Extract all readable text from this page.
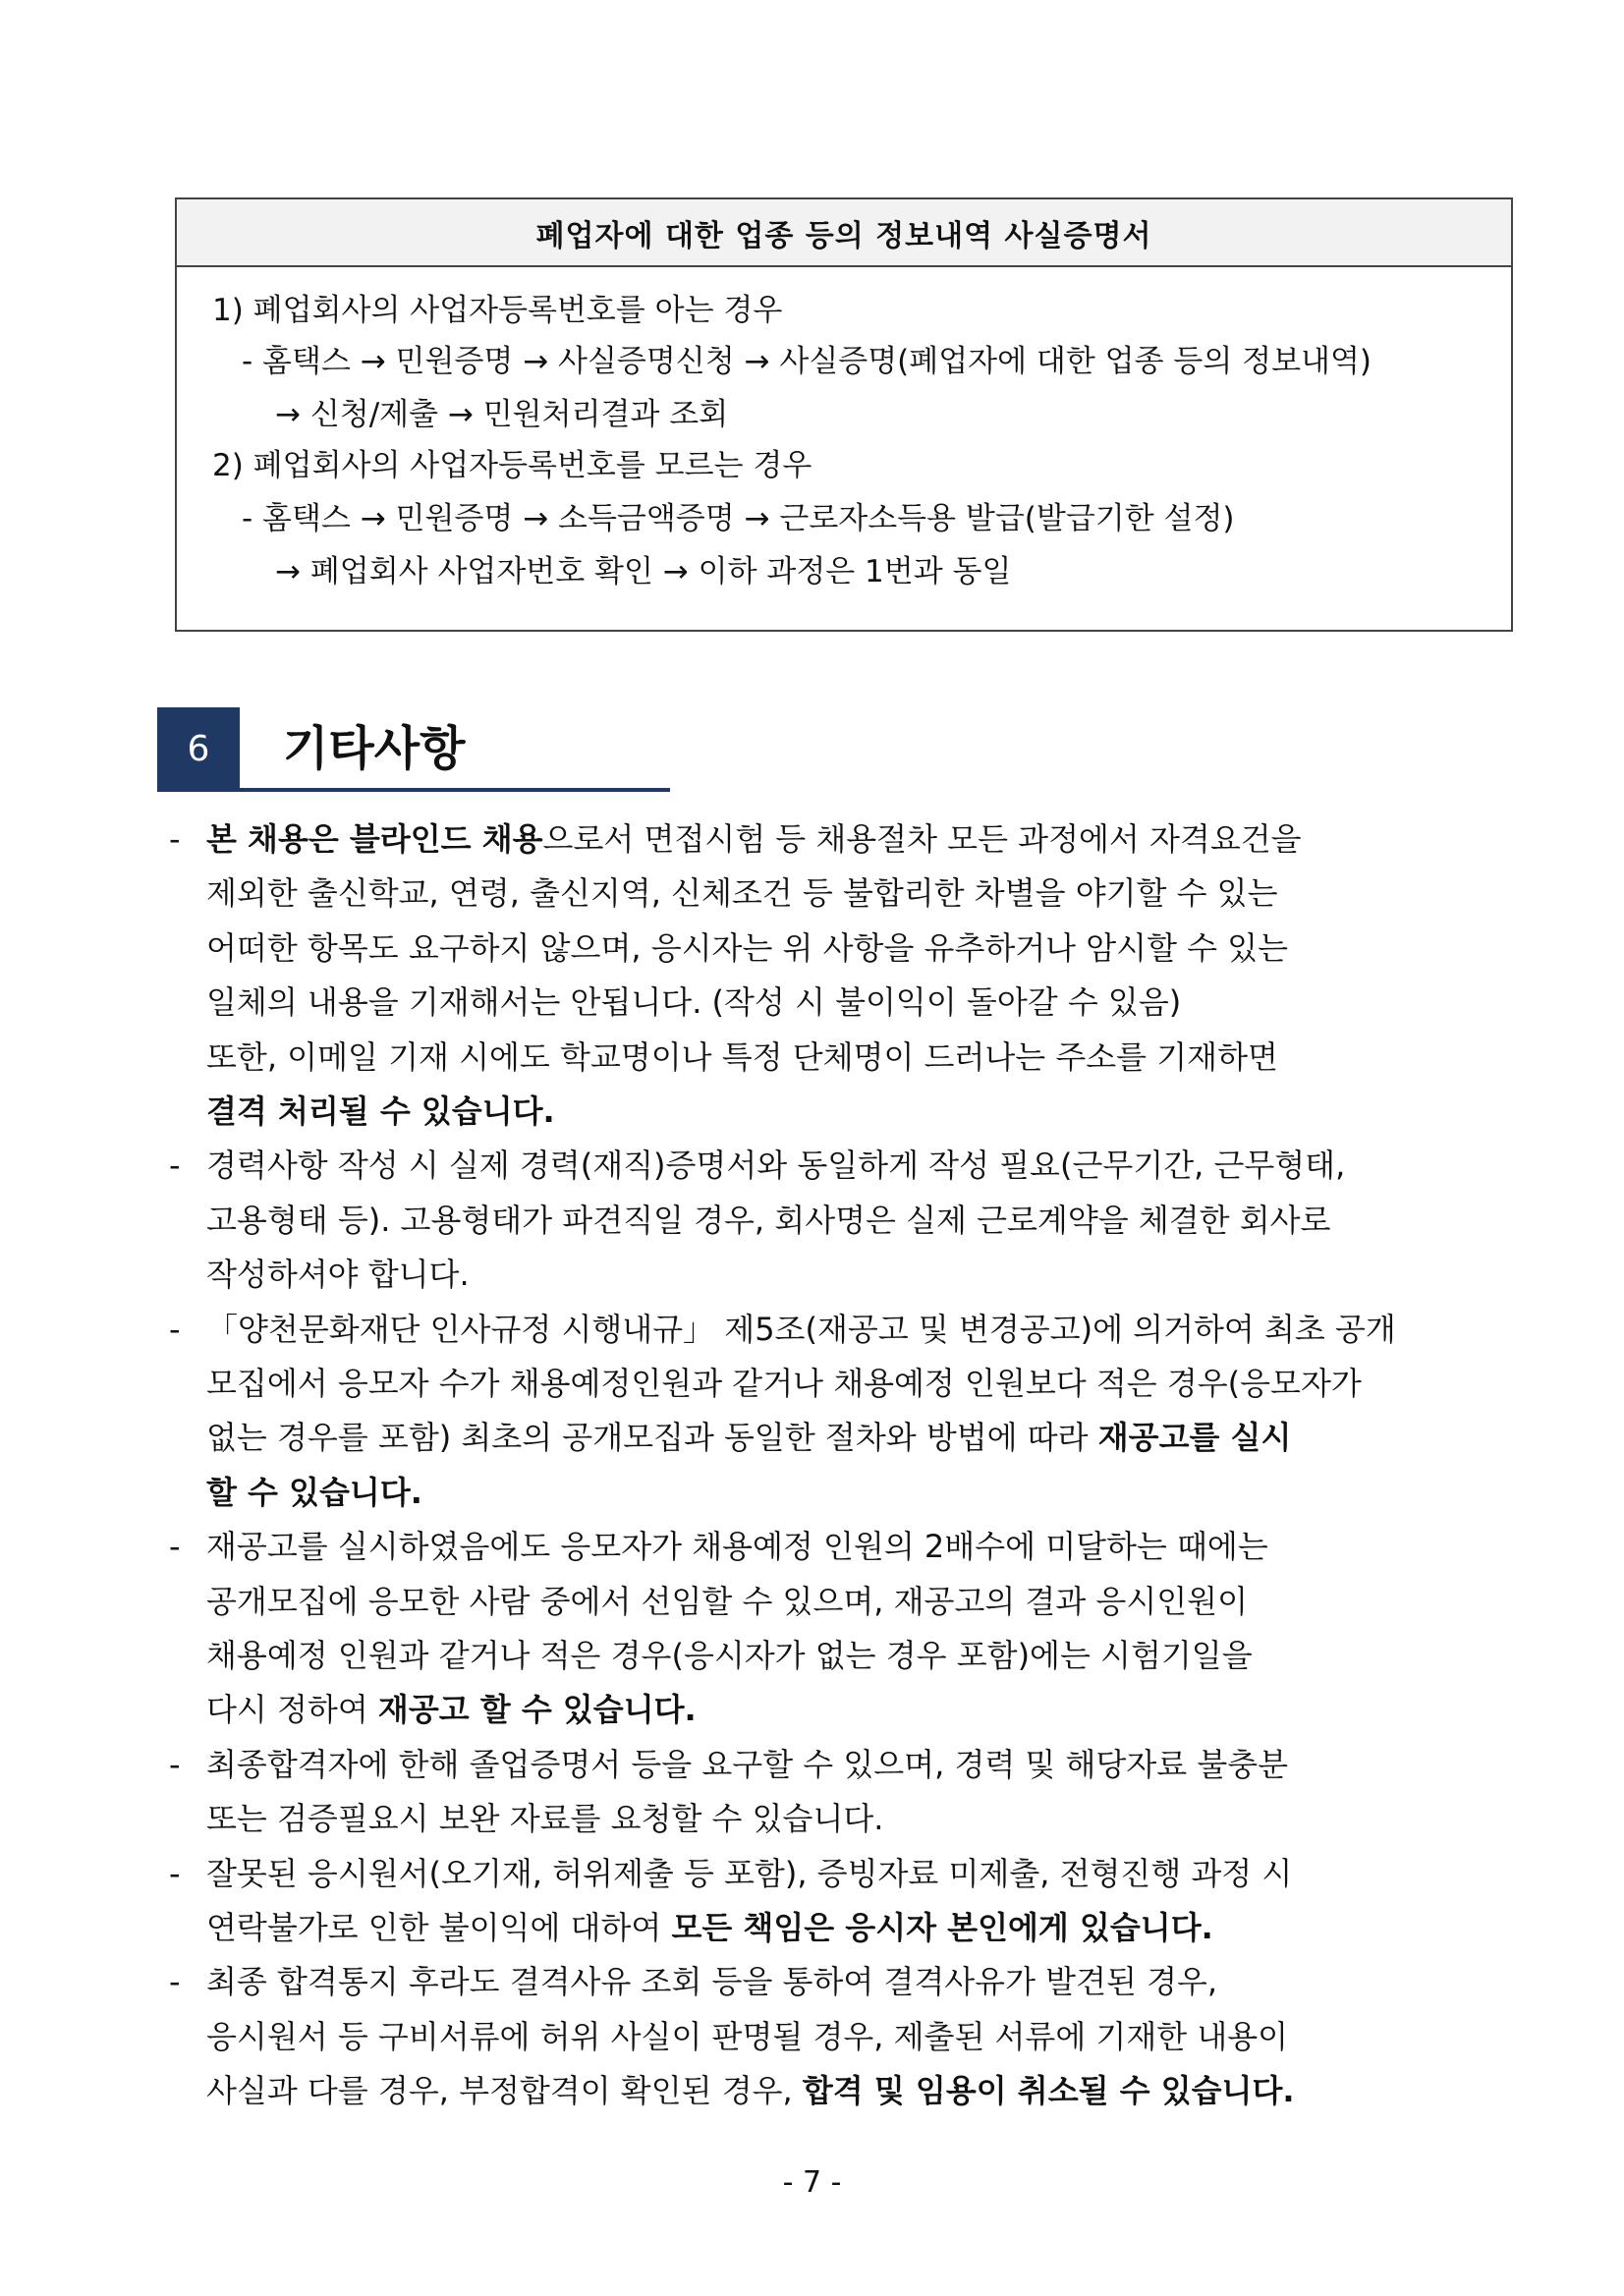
폐업자에 대한 업종 등의 정보내역 사실증명서
1) 폐업회사의 사업자등록번호를 아는 경우
- 홈택스 → 민원증명 → 사실증명신청 → 사실증명(폐업자에 대한 업종 등의 정보내역)
→ 신청/제출 → 민원처리결과 조회
2) 폐업회사의 사업자등록번호를 모르는 경우
- 홈택스 → 민원증명 → 소득금액증명 → 근로자소득용 발급(발급기한 설정)
→ 폐업회사 사업자번호 확인 → 이하 과정은 1번과 동일
6	기타사항
- 본 채용은 블라인드 채용으로서 면접시험 등 채용절차 모든 과정에서 자격요건을
제외한 출신학교, 연령, 출신지역, 신체조건 등 불합리한 차별을 야기할 수 있는
어떠한 항목도 요구하지 않으며, 응시자는 위 사항을 유추하거나 암시할 수 있는
일체의 내용을 기재해서는 안됩니다. (작성 시 불이익이 돌아갈 수 있음)
또한, 이메일 기재 시에도 학교명이나 특정 단체명이 드러나는 주소를 기재하면
결격 처리될 수 있습니다.
- 경력사항 작성 시 실제 경력(재직)증명서와 동일하게 작성 필요(근무기간, 근무형태,
고용형태 등). 고용형태가 파견직일 경우, 회사명은 실제 근로계약을 체결한 회사로
작성하셔야 합니다.
- 「양천문화재단 인사규정 시행내규」 제5조(재공고 및 변경공고)에 의거하여 최초 공개
모집에서 응모자 수가 채용예정인원과 같거나 채용예정 인원보다 적은 경우(응모자가
없는 경우를 포함) 최초의 공개모집과 동일한 절차와 방법에 따라 재공고를 실시
할 수 있습니다.
- 재공고를 실시하였음에도 응모자가 채용예정 인원의 2배수에 미달하는 때에는
공개모집에 응모한 사람 중에서 선임할 수 있으며, 재공고의 결과 응시인원이
채용예정 인원과 같거나 적은 경우(응시자가 없는 경우 포함)에는 시험기일을
다시 정하여 재공고 할 수 있습니다.
- 최종합격자에 한해 졸업증명서 등을 요구할 수 있으며, 경력 및 해당자료 불충분
또는 검증필요시 보완 자료를 요청할 수 있습니다.
- 잘못된 응시원서(오기재, 허위제출 등 포함), 증빙자료 미제출, 전형진행 과정 시
연락불가로 인한 불이익에 대하여 모든 책임은 응시자 본인에게 있습니다.
- 최종 합격통지 후라도 결격사유 조회 등을 통하여 결격사유가 발견된 경우,
응시원서 등 구비서류에 허위 사실이 판명될 경우, 제출된 서류에 기재한 내용이
사실과 다를 경우, 부정합격이 확인된 경우, 합격 및 임용이 취소될 수 있습니다.
- 7 -
